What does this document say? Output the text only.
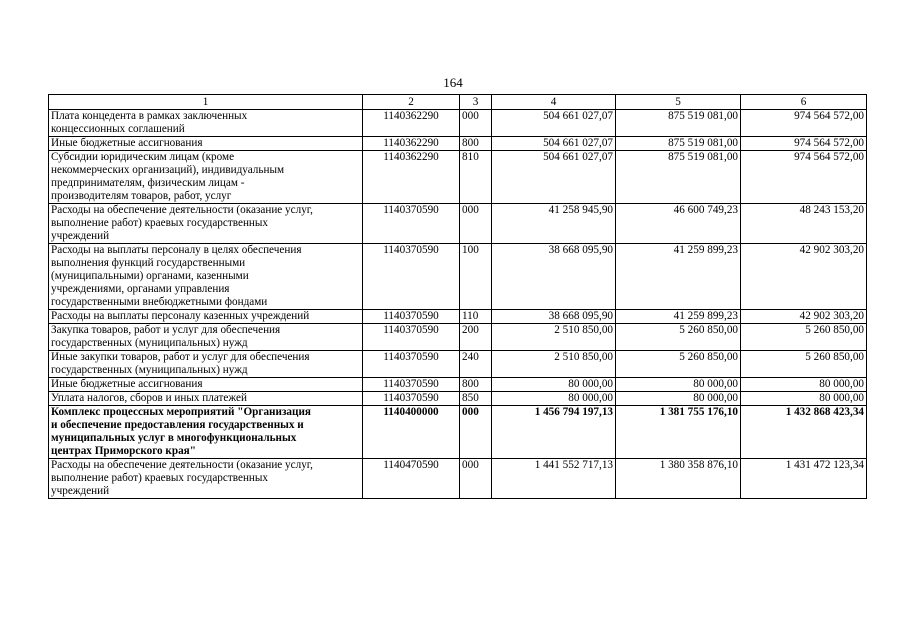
164
1	2	3	4	5	6
Плата концедента в рамках заключенных
концессионных соглашений	1140362290	000	504 661 027,07	875 519 081,00	974 564 572,00
Иные бюджетные ассигнования	1140362290	800	504 661 027,07	875 519 081,00	974 564 572,00
Субсидии юридическим лицам (кроме
некоммерческих организаций), индивидуальным
предпринимателям, физическим лицам -
производителям товаров, работ, услуг	1140362290	810	504 661 027,07	875 519 081,00	974 564 572,00
Расходы на обеспечение деятельности (оказание услуг,
выполнение работ) краевых государственных
учреждений	1140370590	000	41 258 945,90	46 600 749,23	48 243 153,20
Расходы на выплаты персоналу в целях обеспечения
выполнения функций государственными
(муниципальными) органами, казенными
учреждениями, органами управления
государственными внебюджетными фондами	1140370590	100	38 668 095,90	41 259 899,23	42 902 303,20
Расходы на выплаты персоналу казенных учреждений	1140370590	110	38 668 095,90	41 259 899,23	42 902 303,20
Закупка товаров, работ и услуг для обеспечения
государственных (муниципальных) нужд	1140370590	200	2 510 850,00	5 260 850,00	5 260 850,00
Иные закупки товаров, работ и услуг для обеспечения
государственных (муниципальных) нужд	1140370590	240	2 510 850,00	5 260 850,00	5 260 850,00
Иные бюджетные ассигнования	1140370590	800	80 000,00	80 000,00	80 000,00
Уплата налогов, сборов и иных платежей	1140370590	850	80 000,00	80 000,00	80 000,00
Комплекс процессных мероприятий "Организация
и обеспечение предоставления государственных и
муниципальных услуг в многофункциональных
центрах Приморского края"	1140400000	000	1 456 794 197,13	1 381 755 176,10	1 432 868 423,34
Расходы на обеспечение деятельности (оказание услуг,
выполнение работ) краевых государственных
учреждений	1140470590	000	1 441 552 717,13	1 380 358 876,10	1 431 472 123,34
